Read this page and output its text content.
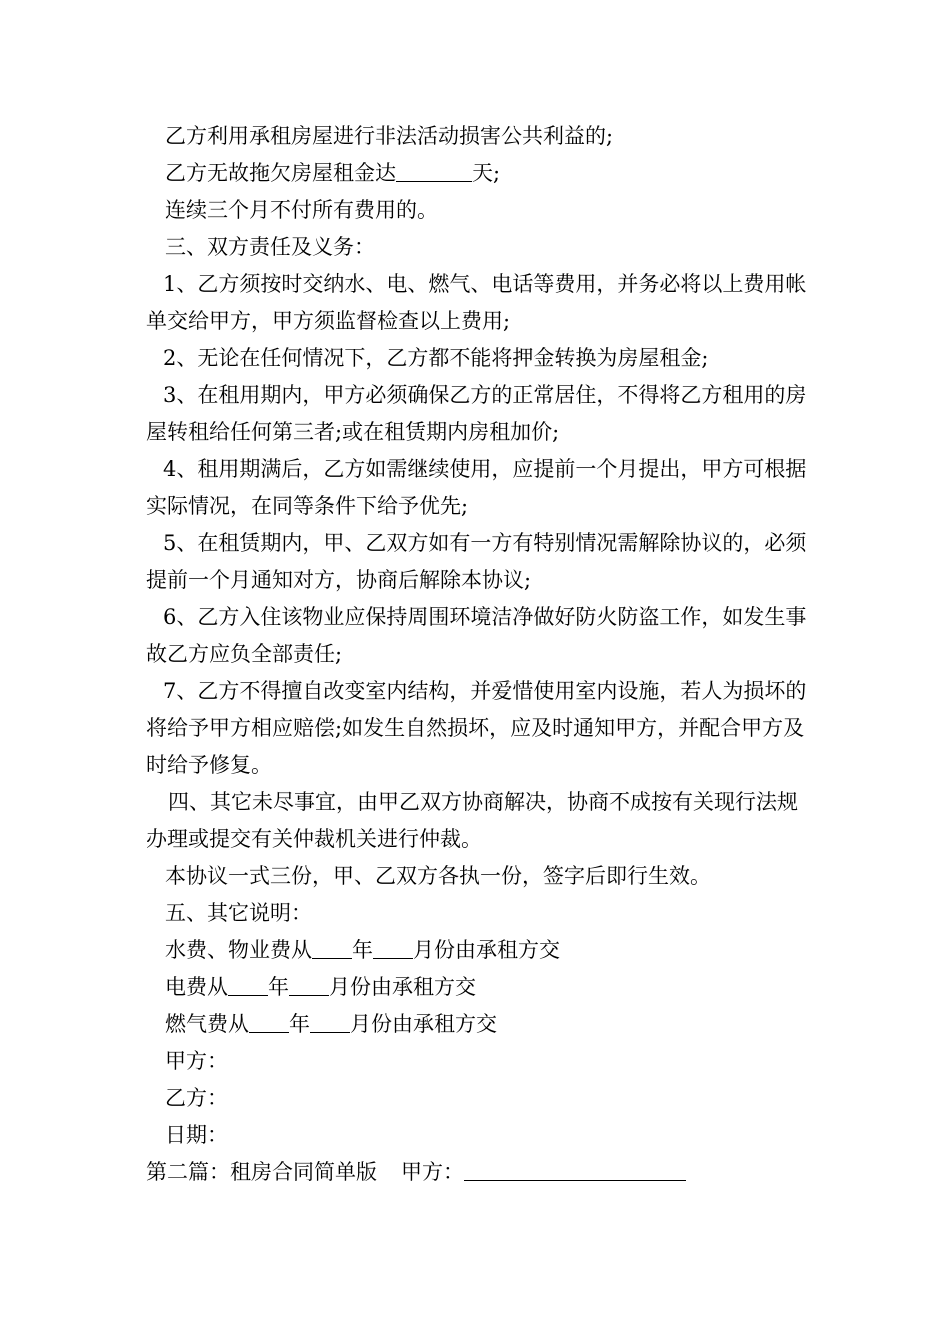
乙方利用承租房屋进行非法活动损害公共利益的;

乙方无故拖欠房屋租金达	天;

连续三个月不付所有费用的。

三、双方责任及义务：

1、乙方须按时交纳水、电、燃气、电话等费用，并务必将以上费用帐单交给甲方，甲方须监督检查以上费用;

2、无论在任何情况下，乙方都不能将押金转换为房屋租金;

3、在租用期内，甲方必须确保乙方的正常居住，不得将乙方租用的房屋转租给任何第三者;或在租赁期内房租加价;

4、租用期满后，乙方如需继续使用，应提前一个月提出，甲方可根据实际情况，在同等条件下给予优先;

5、在租赁期内，甲、乙双方如有一方有特别情况需解除协议的，必须提前一个月通知对方，协商后解除本协议;

6、乙方入住该物业应保持周围环境洁净做好防火防盗工作，如发生事故乙方应负全部责任;

7、乙方不得擅自改变室内结构，并爱惜使用室内设施，若人为损坏的将给予甲方相应赔偿;如发生自然损坏，应及时通知甲方，并配合甲方及时给予修复。

四、其它未尽事宜，由甲乙双方协商解决，协商不成按有关现行法规办理或提交有关仲裁机关进行仲裁。

本协议一式三份，甲、乙双方各执一份，签字后即行生效。

五、其它说明：

水费、物业费从 年 月份由承租方交

电费从 年 月份由承租方交

燃气费从 年 月份由承租方交

甲方：

乙方：

日期：

第二篇：租房合同简单版 甲方：
